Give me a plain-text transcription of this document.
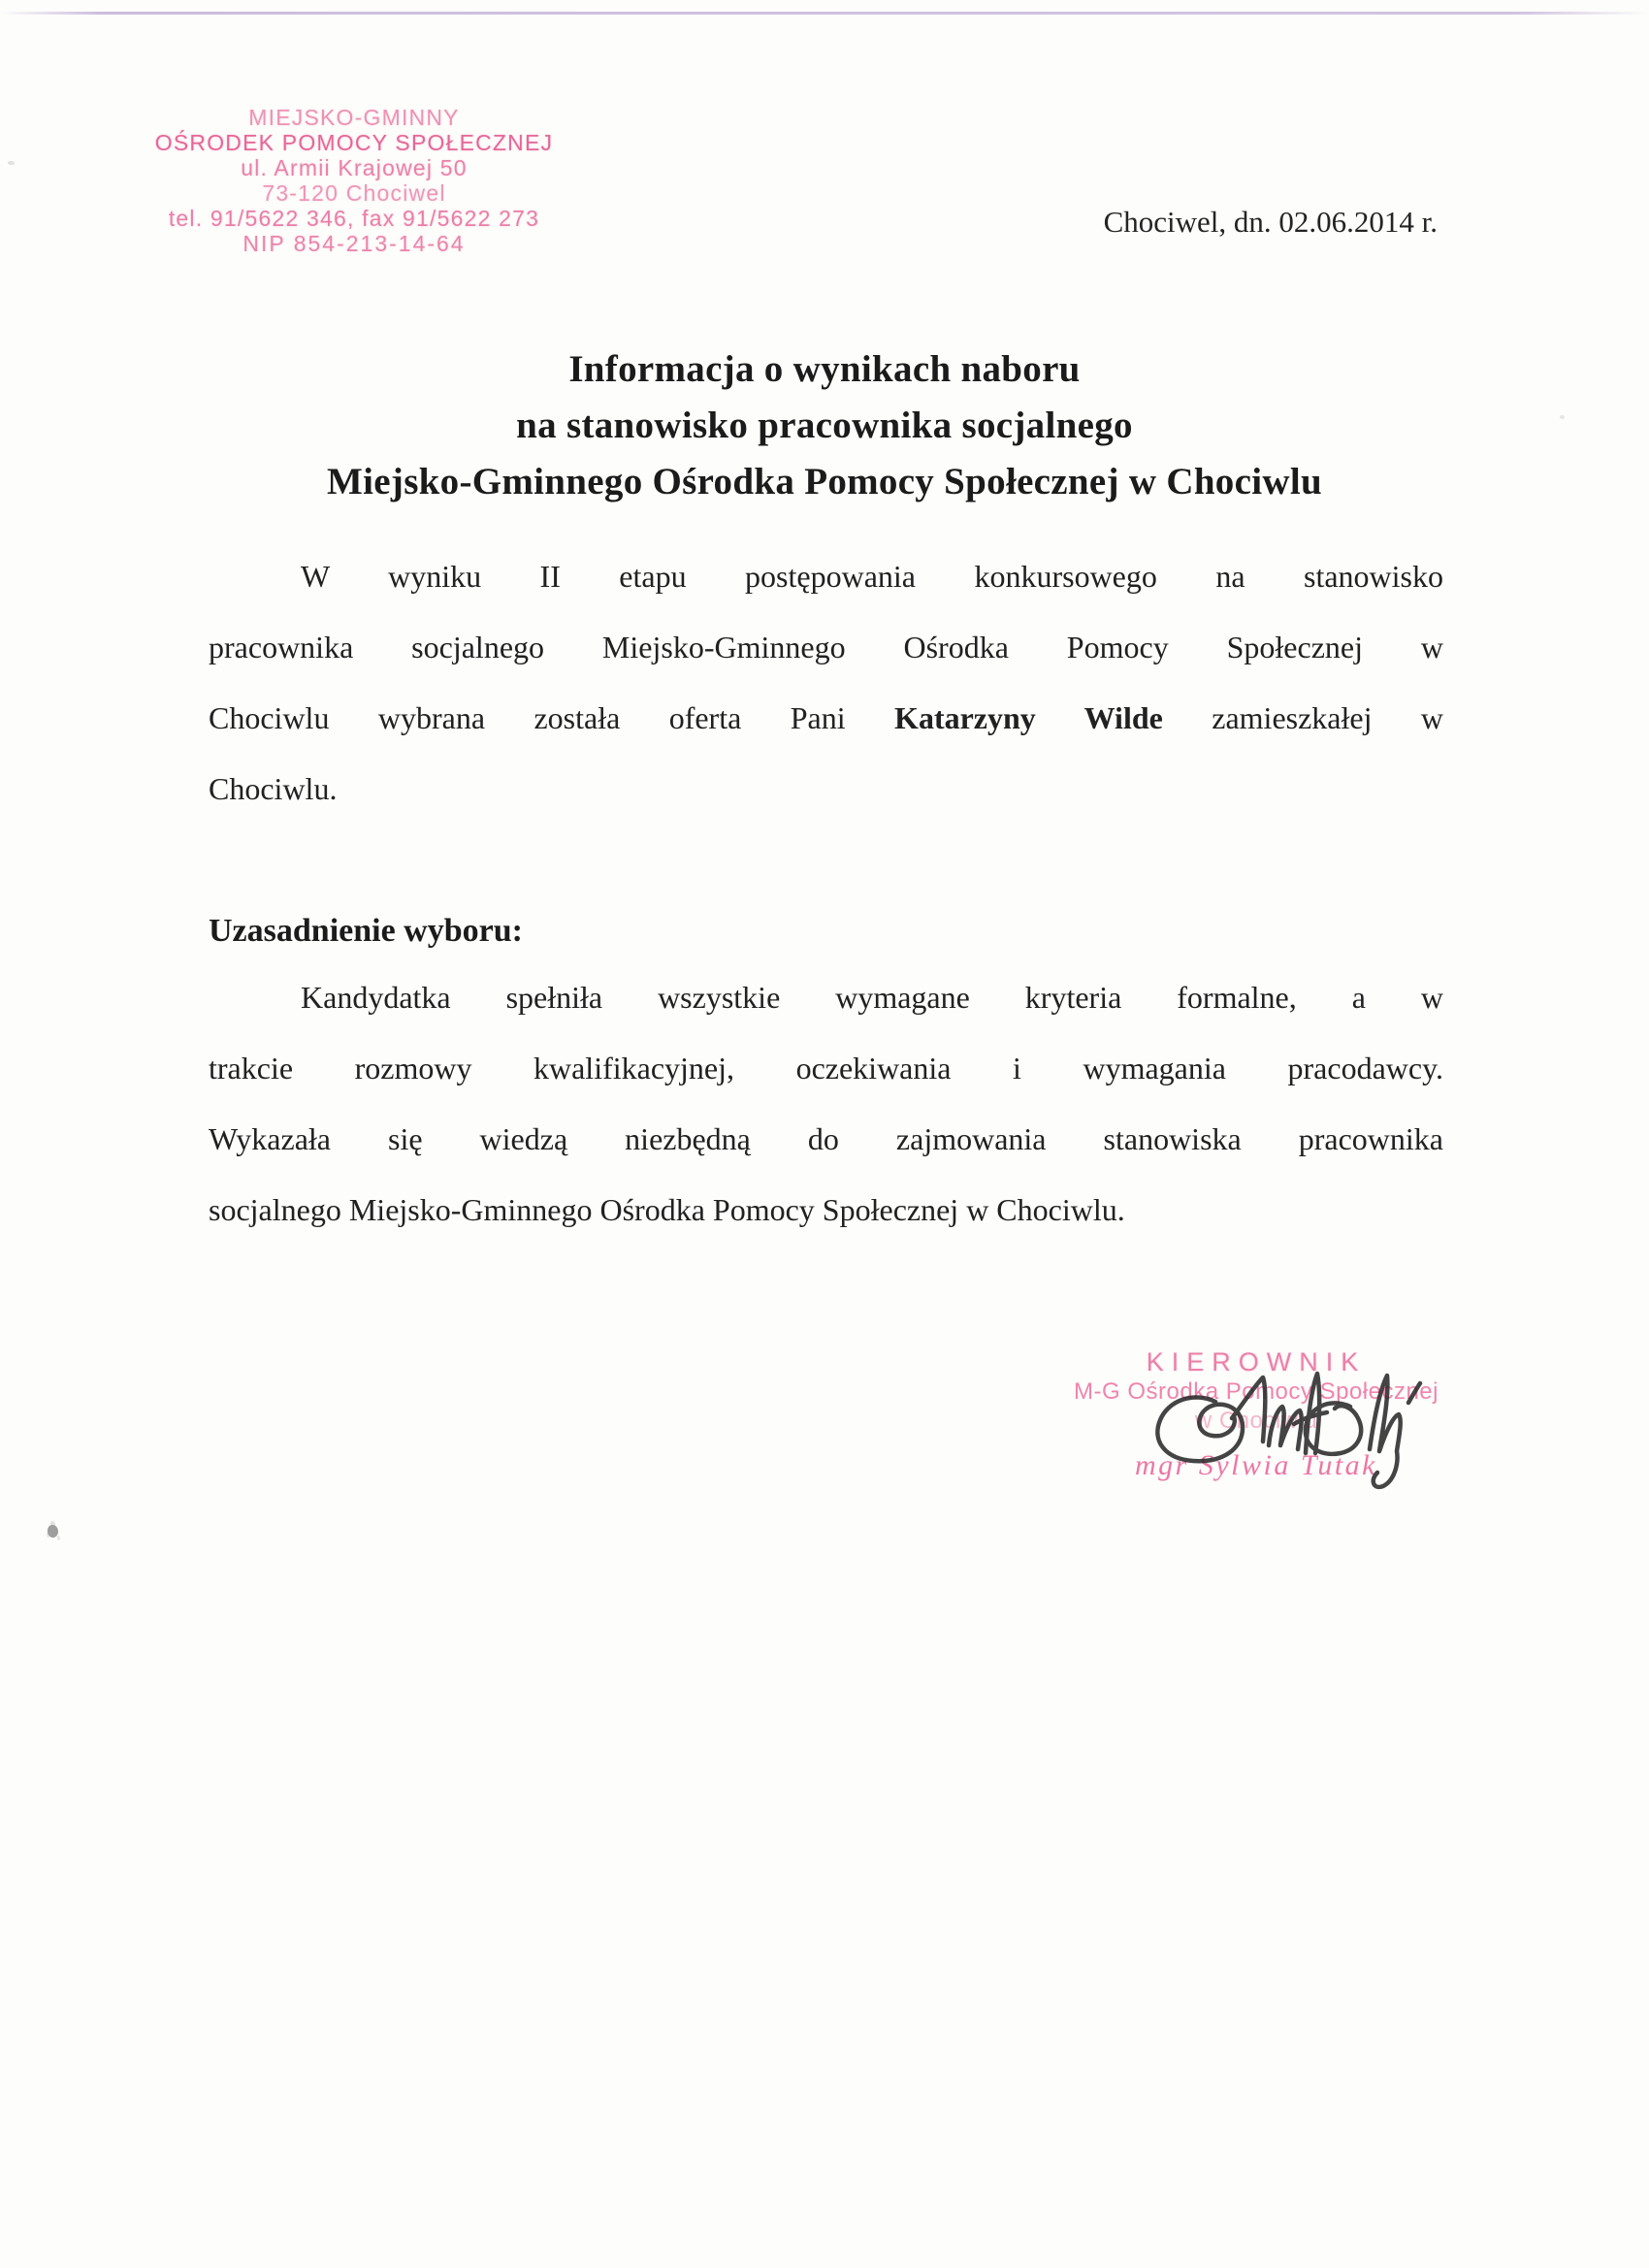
MIEJSKO-GMINNY
OŚRODEK POMOCY SPOŁECZNEJ
ul. Armii Krajowej 50
73-120 Chociwel
tel. 91/5622 346, fax 91/5622 273
NIP 854-213-14-64
Chociwel, dn. 02.06.2014 r.
Informacja o wynikach naboru
na stanowisko pracownika socjalnego
Miejsko-Gminnego Ośrodka Pomocy Społecznej w Chociwlu
W wyniku II etapu postępowania konkursowego na stanowisko
pracownika socjalnego Miejsko-Gminnego Ośrodka Pomocy Społecznej w
Chociwlu wybrana została oferta Pani Katarzyny Wilde zamieszkałej w
Chociwlu.
Uzasadnienie wyboru:
Kandydatka spełniła wszystkie wymagane kryteria formalne, a w
trakcie rozmowy kwalifikacyjnej, oczekiwania i wymagania pracodawcy.
Wykazała się wiedzą niezbędną do zajmowania stanowiska pracownika
socjalnego Miejsko-Gminnego Ośrodka Pomocy Społecznej w Chociwlu.
KIEROWNIK
M-G Ośrodka Pomocy Społecznej
w Chociwlu
mgr Sylwia Tutak
